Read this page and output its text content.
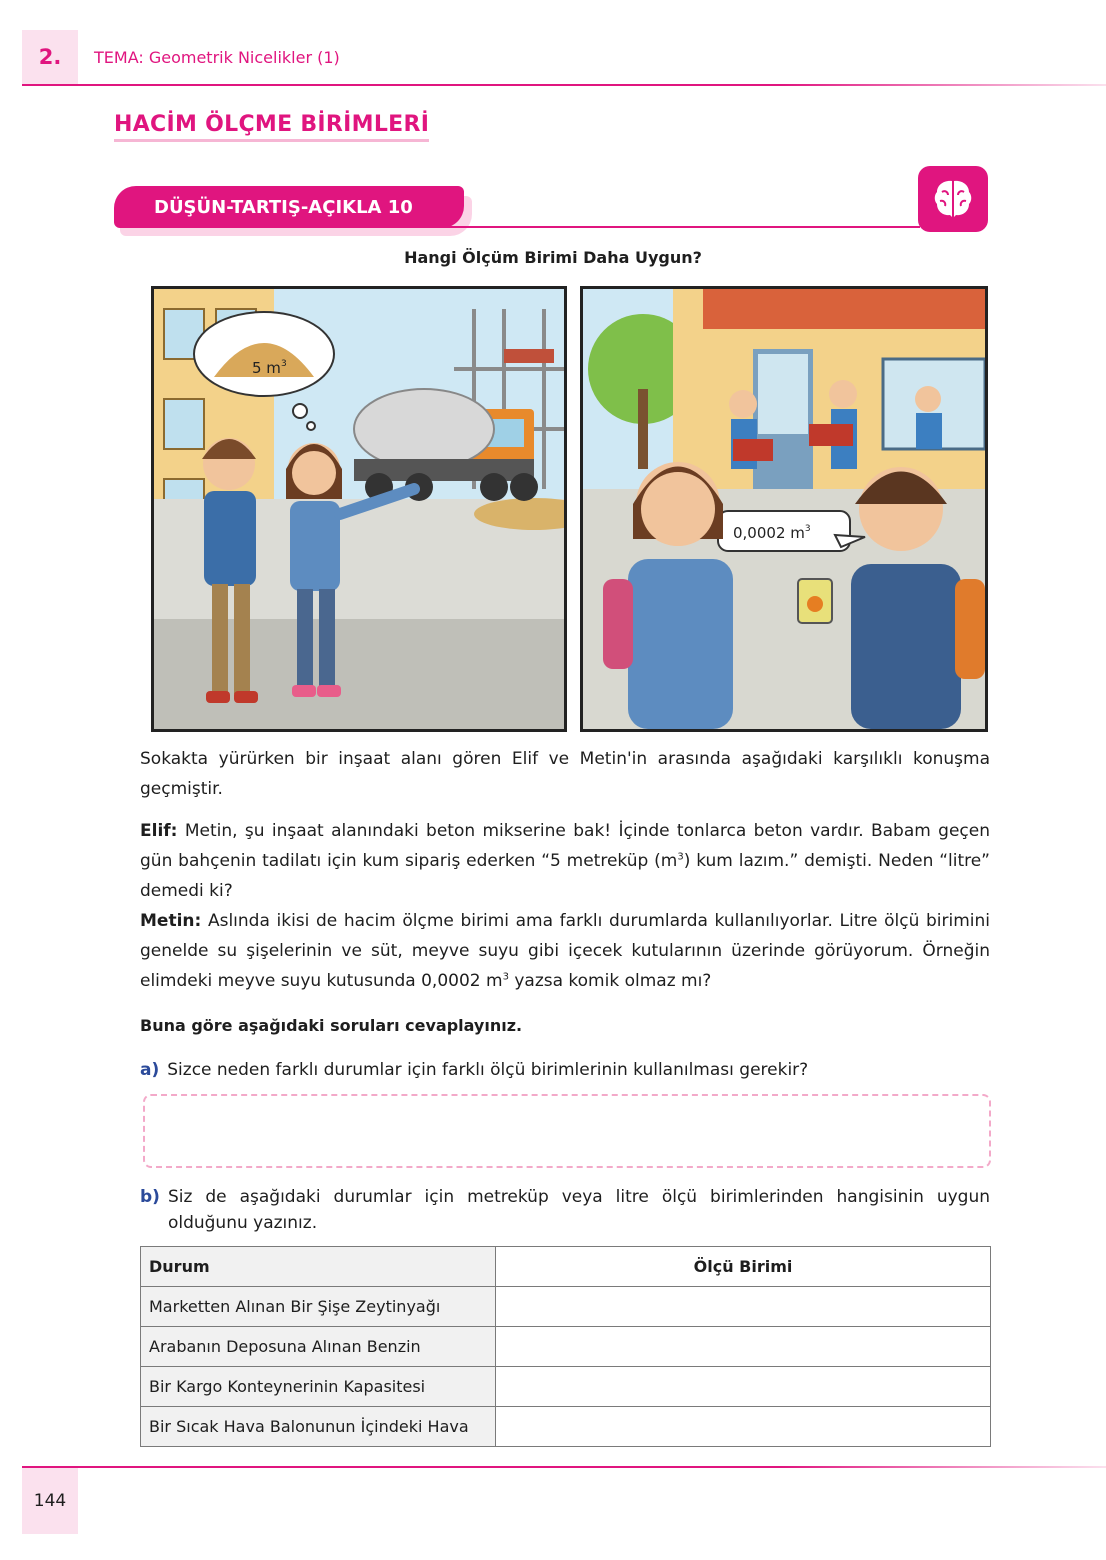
2.	TEMA: Geometrik Nicelikler (1)
HACİM ÖLÇME BİRİMLERİ
DÜŞÜN-TARTIŞ-AÇIKLA 10
Hangi Ölçüm Birimi Daha Uygun?
5 $m^3$
0,0002 $m^3$
Sokakta yürürken bir inşaat alanı gören Elif ve Metin'in arasında aşağıdaki karşılıklı konuşma geçmiştir.
Elif: Metin, şu inşaat alanındaki beton mikserine bak! İçinde tonlarca beton vardır. Babam geçen gün bahçenin tadilatı için kum sipariş ederken “5 metreküp $(m^3)$ kum lazım.” demişti. Neden “litre” demedi ki?
Metin: Aslında ikisi de hacim ölçme birimi ama farklı durumlarda kullanılıyorlar. Litre ölçü birimini genelde su şişelerinin ve süt, meyve suyu gibi içecek kutularının üzerinde görüyorum. Örneğin elimdeki meyve suyu kutusunda 0,0002 $m^3$ yazsa komik olmaz mı?
Buna göre aşağıdaki soruları cevaplayınız.
a) Sizce neden farklı durumlar için farklı ölçü birimlerinin kullanılması gerekir?
b) Siz de aşağıdaki durumlar için metreküp veya litre ölçü birimlerinden hangisinin uygun olduğunu yazınız.
Durum	Ölçü Birimi
Marketten Alınan Bir Şişe Zeytinyağı	
Arabanın Deposuna Alınan Benzin	
Bir Kargo Konteynerinin Kapasitesi	
Bir Sıcak Hava Balonunun İçindeki Hava	
144
